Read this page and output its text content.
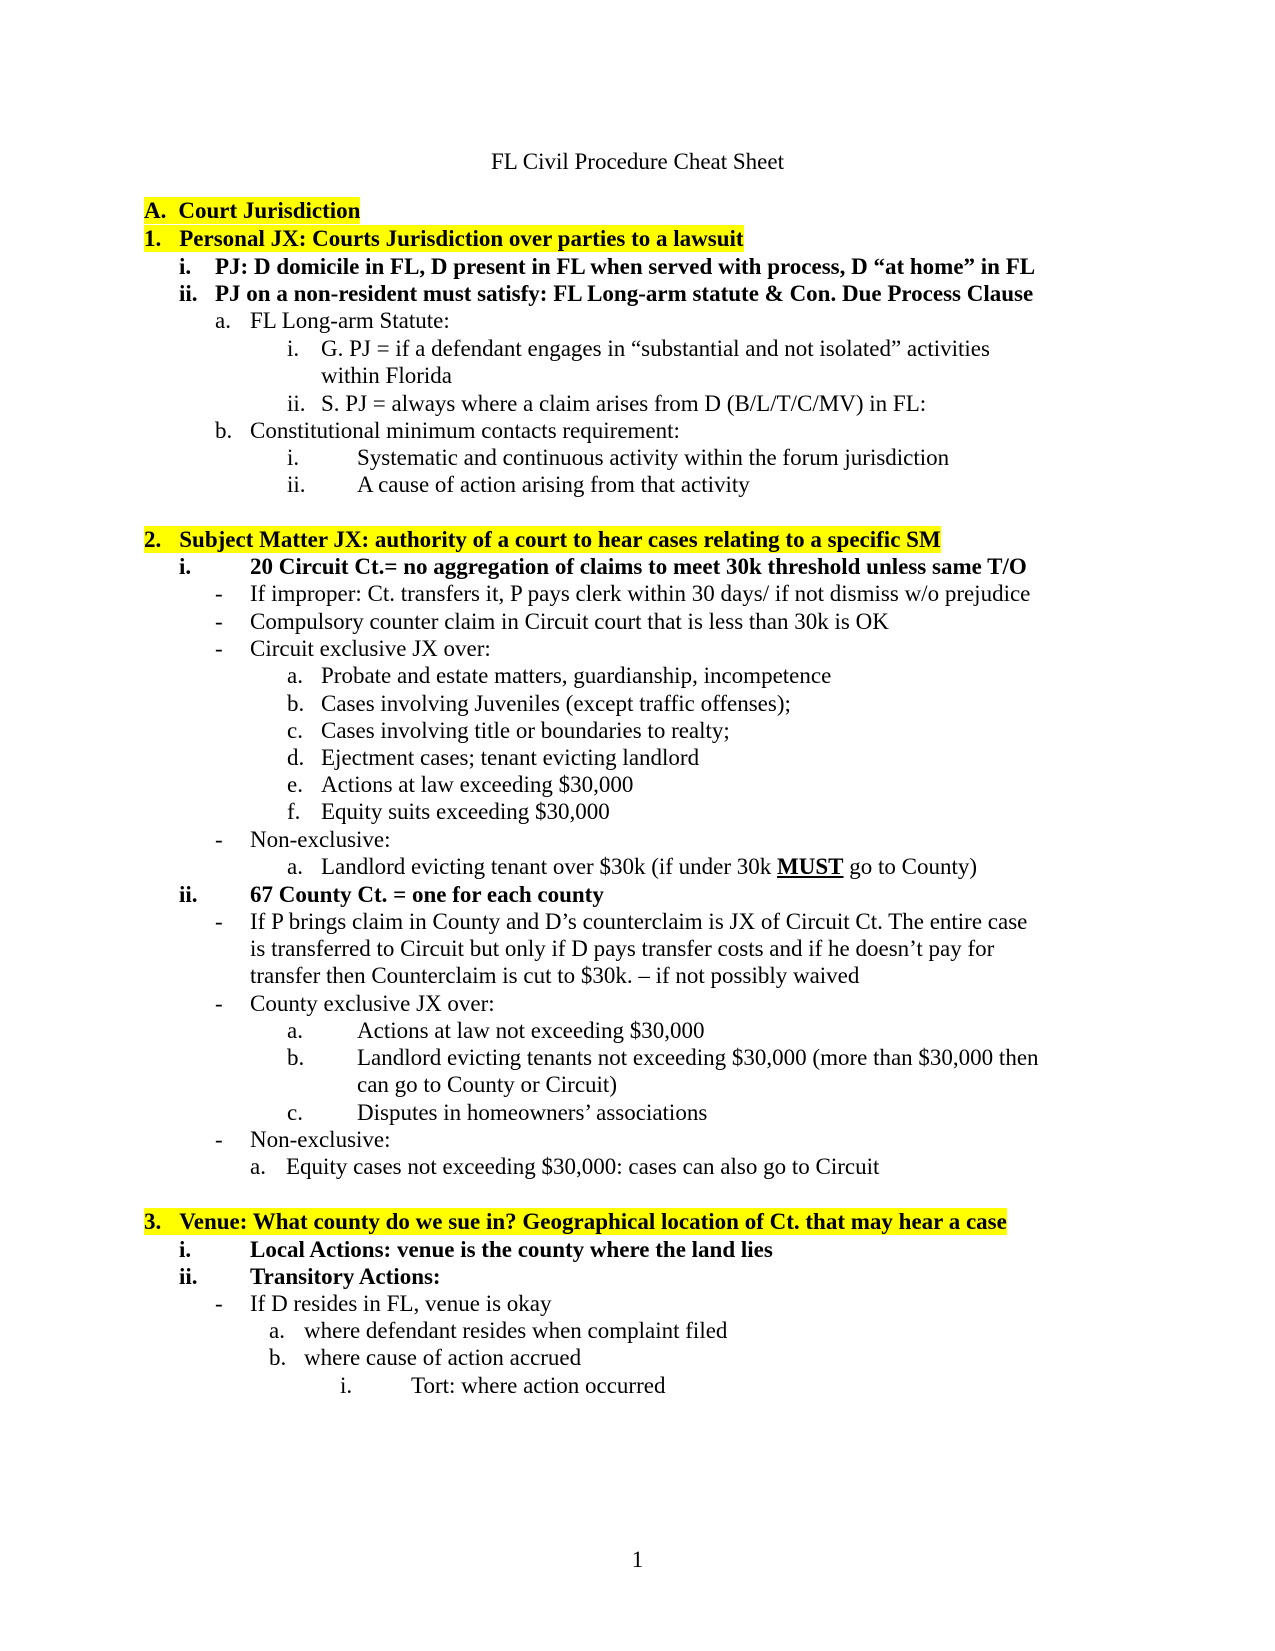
FL Civil Procedure Cheat Sheet
A. Court Jurisdiction
1. Personal JX: Courts Jurisdiction over parties to a lawsuit
i. PJ: D domicile in FL, D present in FL when served with process, D “at home” in FL
ii. PJ on a non-resident must satisfy: FL Long-arm statute & Con. Due Process Clause
a. FL Long-arm Statute:
i. G. PJ = if a defendant engages in “substantial and not isolated” activities
within Florida
ii. S. PJ = always where a claim arises from D (B/L/T/C/MV) in FL:
b. Constitutional minimum contacts requirement:
i.	Systematic and continuous activity within the forum jurisdiction
ii. A cause of action arising from that activity
2. Subject Matter JX: authority of a court to hear cases relating to a specific SM
i.	20 Circuit Ct.= no aggregation of claims to meet 30k threshold unless same T/O
- If improper: Ct. transfers it, P pays clerk within 30 days/ if not dismiss w/o prejudice
- Compulsory counter claim in Circuit court that is less than 30k is OK
- Circuit exclusive JX over:
a. Probate and estate matters, guardianship, incompetence
b. Cases involving Juveniles (except traffic offenses);
c. Cases involving title or boundaries to realty;
d. Ejectment cases; tenant evicting landlord
e. Actions at law exceeding $30,000
f. Equity suits exceeding $30,000
- Non-exclusive:
a. Landlord evicting tenant over $30k (if under 30k MUST go to County)
ii. 67 County Ct. = one for each county
- If P brings claim in County and D’s counterclaim is JX of Circuit Ct. The entire case
is transferred to Circuit but only if D pays transfer costs and if he doesn’t pay for
transfer then Counterclaim is cut to $30k. – if not possibly waived
- County exclusive JX over:
a. Actions at law not exceeding $30,000
b. Landlord evicting tenants not exceeding $30,000 (more than $30,000 then
can go to County or Circuit)
c. Disputes in homeowners’ associations
- Non-exclusive:
a. Equity cases not exceeding $30,000: cases can also go to Circuit
3. Venue: What county do we sue in? Geographical location of Ct. that may hear a case
i.	Local Actions: venue is the county where the land lies
ii. Transitory Actions:
- If D resides in FL, venue is okay
a. where defendant resides when complaint filed
b. where cause of action accrued
i.	Tort: where action occurred
1
